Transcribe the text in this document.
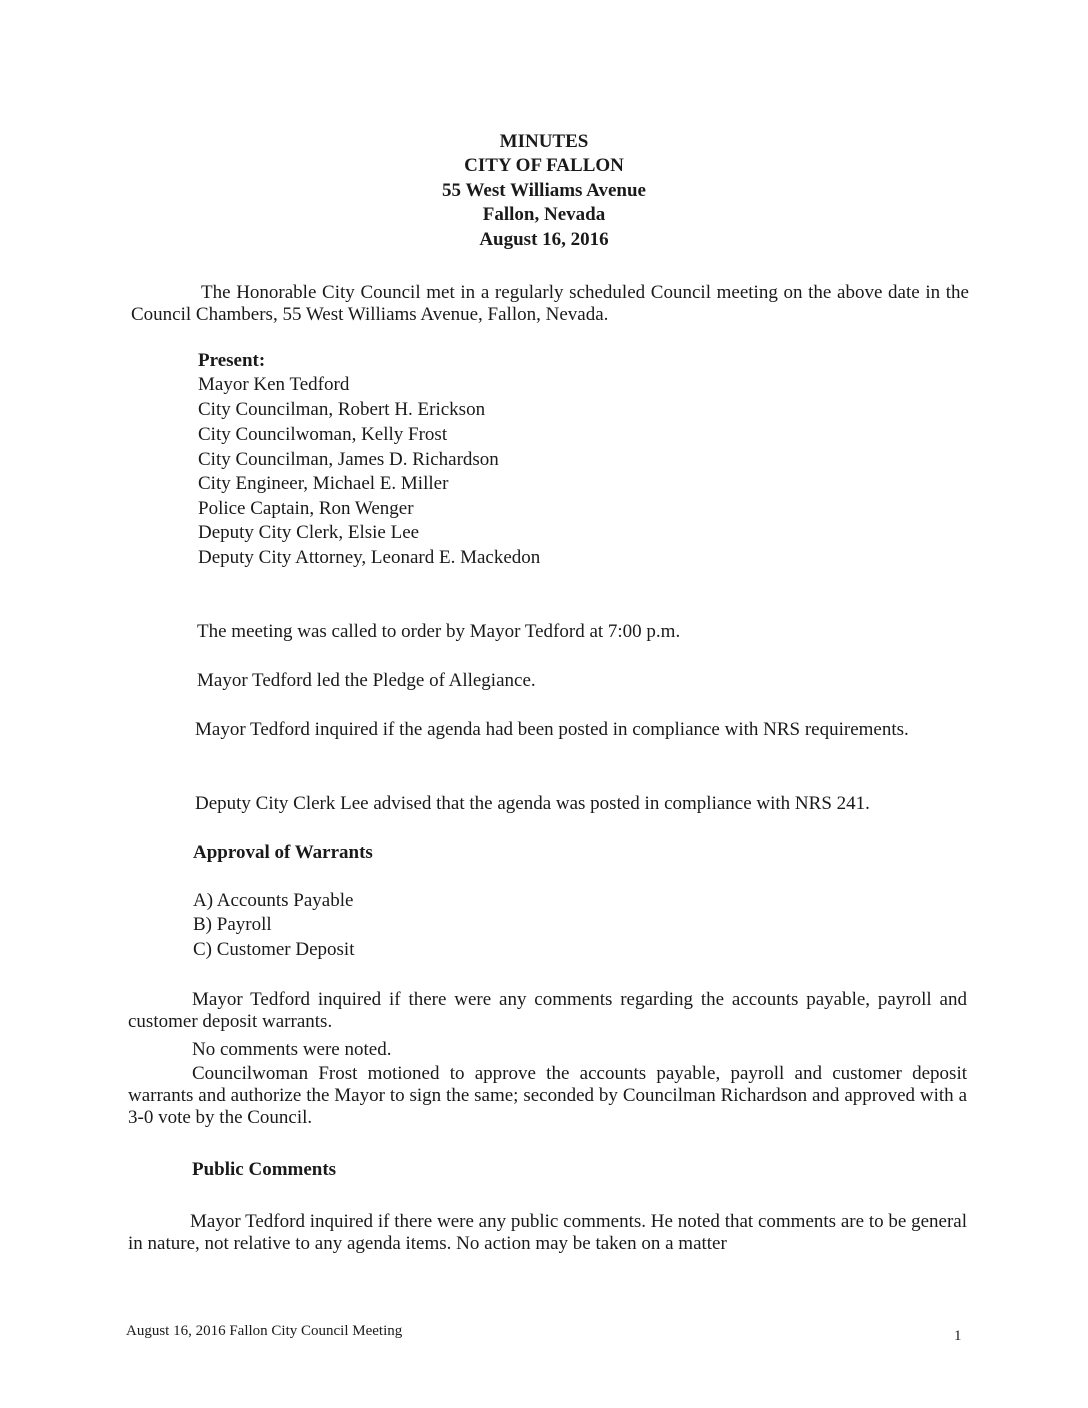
MINUTES
CITY OF FALLON
55 West Williams Avenue
Fallon, Nevada
August 16, 2016
The Honorable City Council met in a regularly scheduled Council meeting on the above date in the Council Chambers, 55 West Williams Avenue, Fallon, Nevada.
Present:
Mayor Ken Tedford
City Councilman, Robert H. Erickson
City Councilwoman, Kelly Frost
City Councilman, James D. Richardson
City Engineer, Michael E. Miller
Police Captain, Ron Wenger
Deputy City Clerk, Elsie Lee
Deputy City Attorney, Leonard E. Mackedon
The meeting was called to order by Mayor Tedford at 7:00 p.m.
Mayor Tedford led the Pledge of Allegiance.
Mayor Tedford inquired if the agenda had been posted in compliance with NRS requirements.
Deputy City Clerk Lee advised that the agenda was posted in compliance with NRS 241.
Approval of Warrants
A) Accounts Payable
B) Payroll
C) Customer Deposit
Mayor Tedford inquired if there were any comments regarding the accounts payable, payroll and customer deposit warrants.
No comments were noted.
Councilwoman Frost motioned to approve the accounts payable, payroll and customer deposit warrants and authorize the Mayor to sign the same; seconded by Councilman Richardson and approved with a 3-0 vote by the Council.
Public Comments
Mayor Tedford inquired if there were any public comments. He noted that comments are to be general in nature, not relative to any agenda items. No action may be taken on a matter
August 16, 2016 Fallon City Council Meeting	1
